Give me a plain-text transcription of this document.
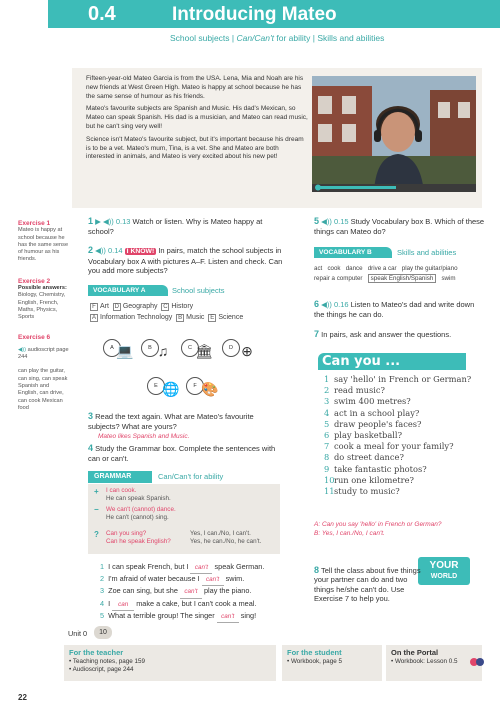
0.4	Introducing Mateo
School subjects | Can/Can't for ability | Skills and abilities

Fifteen-year-old Mateo Garcia is from the USA. Lena, Mia and Noah are his new friends at West Green High. Mateo is happy at school because he has the same sense of humour as his friends.

Mateo's favourite subjects are Spanish and Music. His dad's Mexican, so Mateo can speak Spanish. His dad is a musician, and Mateo can read music, but he can't sing very well!

Science isn't Mateo's favourite subject, but it's important because his dream is to be a vet. Mateo's mum, Tina, is a vet. She and Mateo are both interested in animals, and Mateo is very excited about his new pet!

Exercise 1
Mateo is happy at school because he has the same sense of humour as his friends.
Exercise 2
Possible answers:
Biology, Chemistry, English, French, Maths, Physics, Sports
Exercise 6
◀)) audioscript page 244
can play the guitar, can sing, can speak Spanish and English, can drive, can cook Mexican food
1 ▶ ◀)) 0.13 Watch or listen. Why is Mateo happy at school?
2 ◀)) 0.14 I KNOW! In pairs, match the school subjects in Vocabulary box A with pictures A–F. Listen and check. Can you add more subjects?
VOCABULARY A	School subjects
F Art D Geography C History
A Information Technology B Music E Science
A 💻	B ♫	C 🏛	D ⊕
E 🌐	F 🎨
3 Read the text again. What are Mateo's favourite subjects? What are yours?
Mateo likes Spanish and Music.
4 Study the Grammar box. Complete the sentences with can or can't.
GRAMMAR	Can/Can't for ability
+ I can cook.
He can speak Spanish.
− We can't (cannot) dance.
He can't (cannot) sing.
? Can you sing?
Can he speak English?
Yes, I can./No, I can't.
Yes, he can./No, he can't.
1 I can speak French, but I can't speak German.
2 I'm afraid of water because I can't swim.
3 Zoe can sing, but she can't play the piano.
4 I can make a cake, but I can't cook a meal.
5 What a terrible group! The singer can't sing!
5 ◀)) 0.15 Study Vocabulary box B. Which of these things can Mateo do?
VOCABULARY B	Skills and abilities
act cook dance drive a car play the guitar/piano
repair a computer speak English/Spanish swim
6 ◀)) 0.16 Listen to Mateo's dad and write down the things he can do.
7 In pairs, ask and answer the questions.
Can you ...
1 say 'hello' in French or German?
2 read music?
3 swim 400 metres?
4 act in a school play?
5 draw people's faces?
6 play basketball?
7 cook a meal for your family?
8 do street dance?
9 take fantastic photos?
10run one kilometre?
11study to music?
A: Can you say 'hello' in French or German?
B: Yes, I can./No, I can't.
YOUR
WORLD
8 Tell the class about five things your partner can do and two things he/she can't do. Use Exercise 7 to help you.
Unit 0	10
For the teacher
• Teaching notes, page 159
• Audioscript, page 244
For the student
• Workbook, page 5
On the Portal
• Workbook: Lesson 0.5
22
